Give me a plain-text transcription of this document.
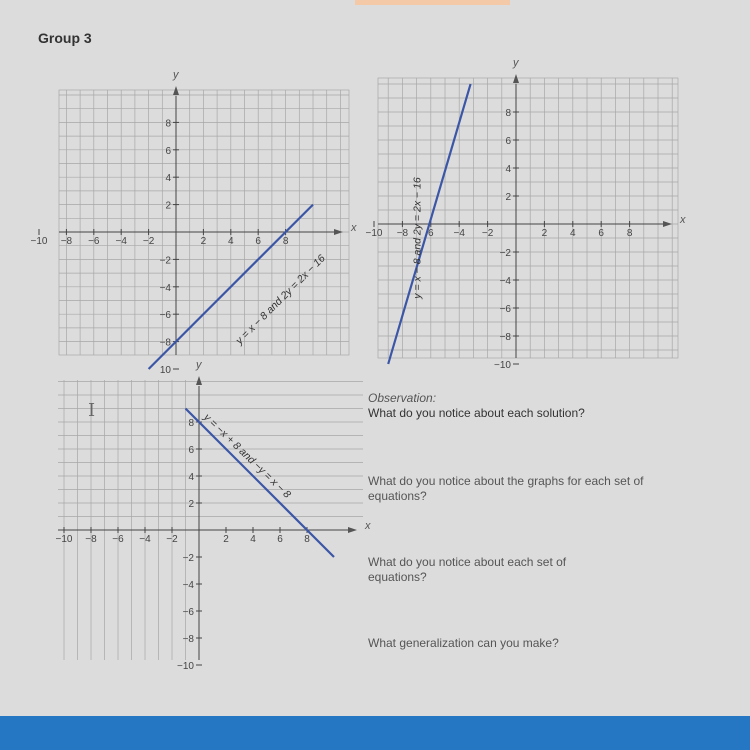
Group 3
x
y
−10 −8 −6 −4 −2	2 4 6 8
8
6
4
2
−2
−4
−6
−8
10
y = x − 8 and 2y = 2x − 16
x
y
−10 −8 6 −4 −2	2 4 6 8
8
6
4
2
−2
−4
−6
−8
−10
y = x − 8 and 2y = 2x − 16
x
y
−10 −8 −6 −4 −2	2 4 6 8
8
6
4
2
−2
−4
−6
−8
−10
y = −x + 8 and −y = x − 8
I
Observation:
What do you notice about each solution?
What do you notice about the graphs for each set of equations?
What do you notice about each set of equations?
What generalization can you make?
